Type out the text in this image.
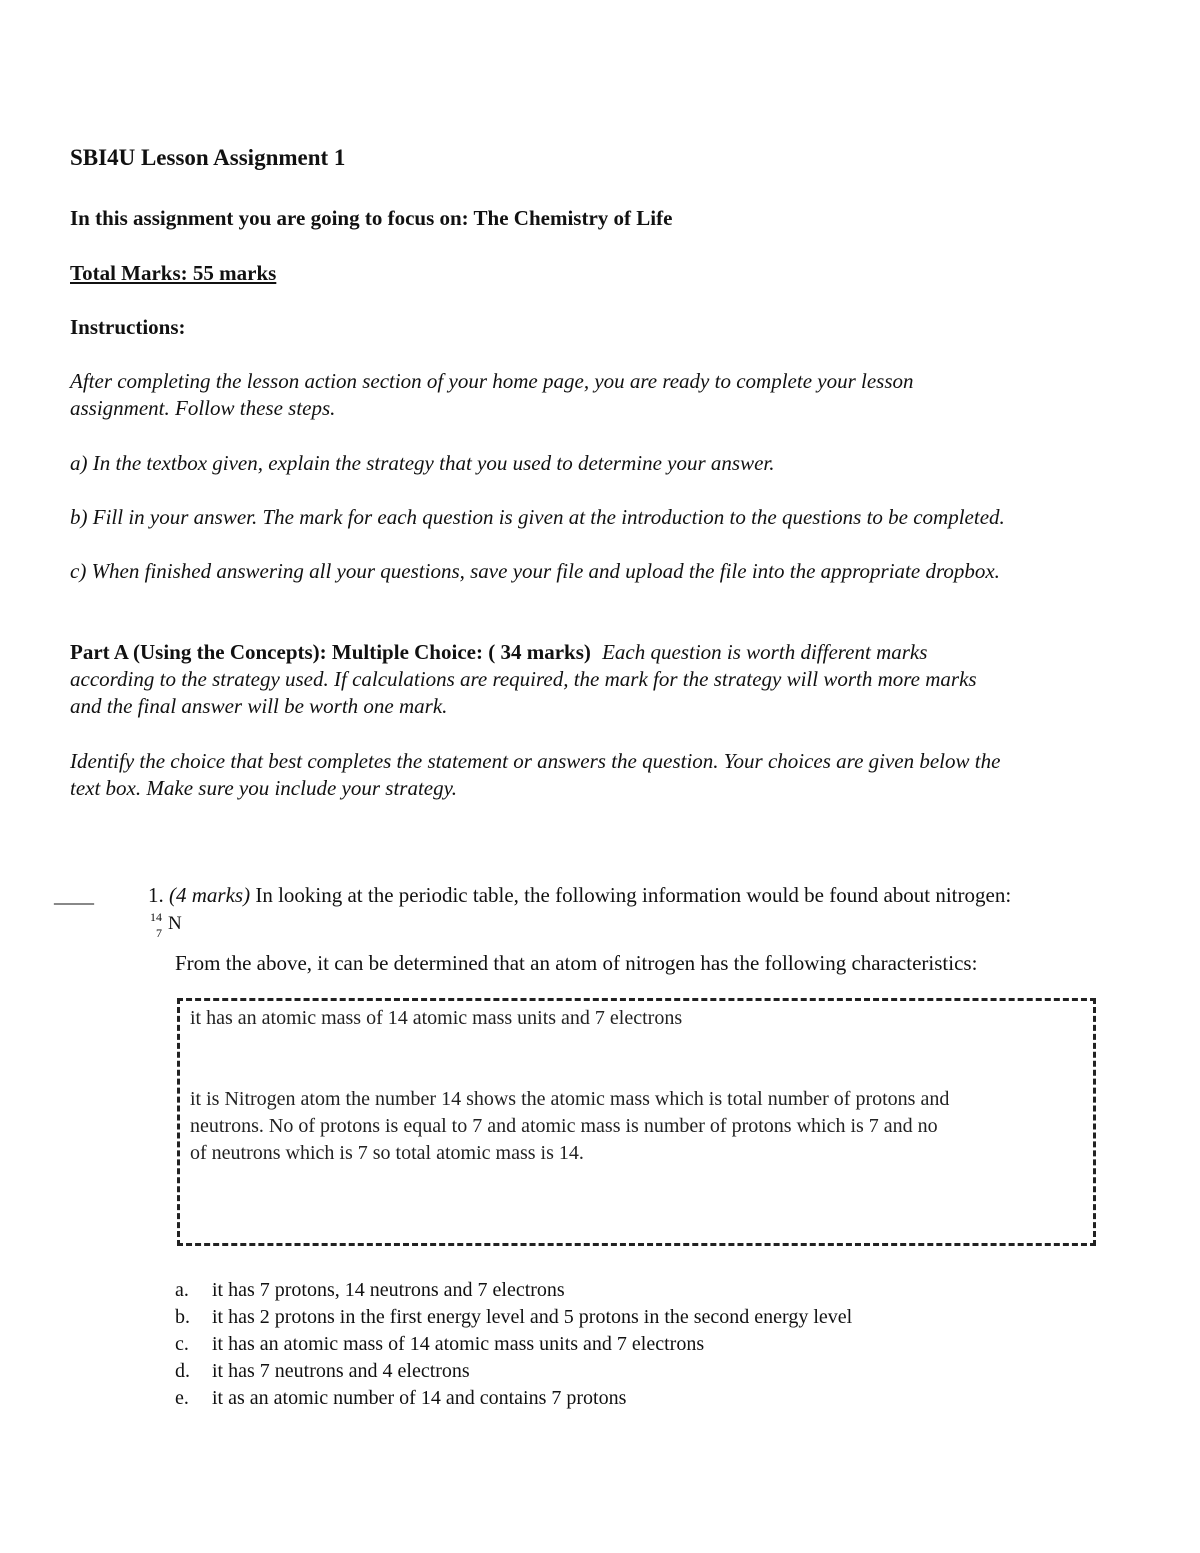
SBI4U Lesson Assignment 1

In this assignment you are going to focus on: The Chemistry of Life

Total Marks: 55 marks

Instructions:

After completing the lesson action section of your home page, you are ready to complete your lesson

assignment. Follow these steps.

a) In the textbox given, explain the strategy that you used to determine your answer.

b) Fill in your answer. The mark for each question is given at the introduction to the questions to be completed.

c) When finished answering all your questions, save your file and upload the file into the appropriate dropbox.

Part A (Using the Concepts): Multiple Choice: ( 34 marks) Each question is worth different marks

according to the strategy used. If calculations are required, the mark for the strategy will worth more marks

and the final answer will be worth one mark.

Identify the choice that best completes the statement or answers the question. Your choices are given below the

text box. Make sure you include your strategy.

____	1. (4 marks) In looking at the periodic table, the following information would be found about nitrogen:

14
7 N

From the above, it can be determined that an atom of nitrogen has the following characteristics:

it has an atomic mass of 14 atomic mass units and 7 electrons

it is Nitrogen atom the number 14 shows the atomic mass which is total number of protons and

neutrons. No of protons is equal to 7 and atomic mass is number of protons which is 7 and no

of neutrons which is 7 so total atomic mass is 14.

a. it has 7 protons, 14 neutrons and 7 electrons
b. it has 2 protons in the first energy level and 5 protons in the second energy level
c. it has an atomic mass of 14 atomic mass units and 7 electrons
d. it has 7 neutrons and 4 electrons
e. it as an atomic number of 14 and contains 7 protons
